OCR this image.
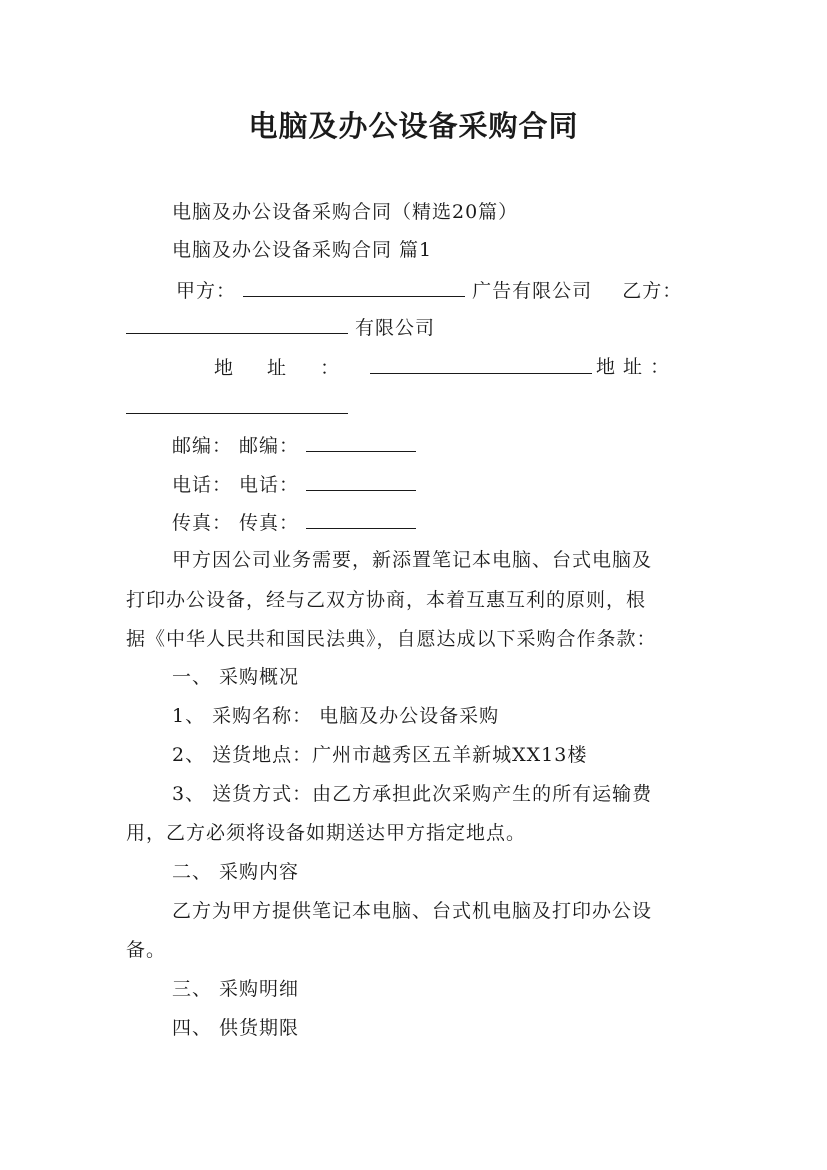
电脑及办公设备采购合同
电脑及办公设备采购合同（精选20篇）
电脑及办公设备采购合同 篇1
甲方：	广告有限公司 乙方：
有限公司
地 址 ：	地 址 ：
邮编： 邮编：
电话： 电话：
传真： 传真：
甲方因公司业务需要，新添置笔记本电脑、台式电脑及
打印办公设备，经与乙双方协商，本着互惠互利的原则，根
据《中华人民共和国民法典》，自愿达成以下采购合作条款：
一、 采购概况
1、 采购名称： 电脑及办公设备采购
2、 送货地点：广州市越秀区五羊新城XX13楼
3、 送货方式：由乙方承担此次采购产生的所有运输费
用，乙方必须将设备如期送达甲方指定地点。
二、 采购内容
乙方为甲方提供笔记本电脑、台式机电脑及打印办公设
备。
三、 采购明细
四、 供货期限
